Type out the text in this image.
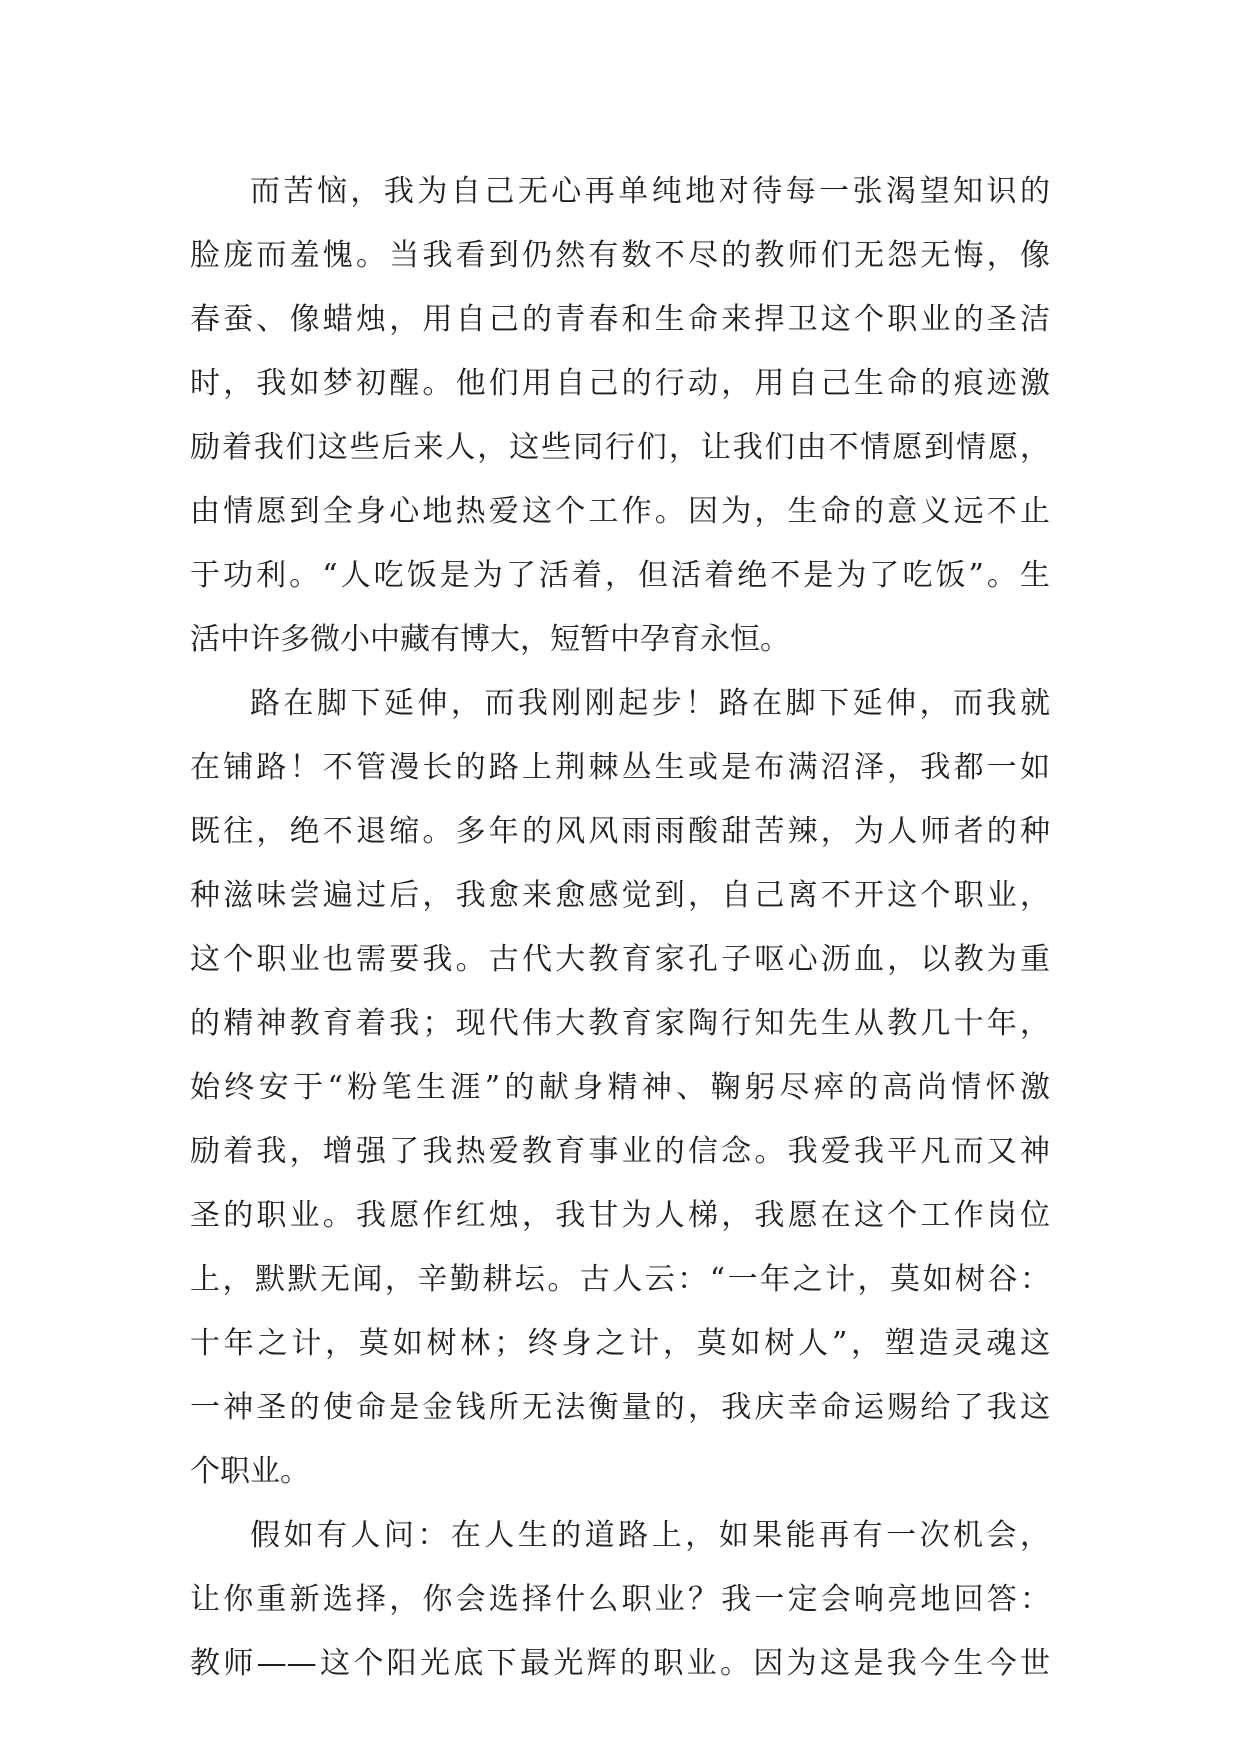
而苦恼，我为自己无心再单纯地对待每一张渴望知识的
脸庞而羞愧。当我看到仍然有数不尽的教师们无怨无悔，像
春蚕、像蜡烛，用自己的青春和生命来捍卫这个职业的圣洁
时，我如梦初醒。他们用自己的行动，用自己生命的痕迹激
励着我们这些后来人，这些同行们，让我们由不情愿到情愿，
由情愿到全身心地热爱这个工作。因为，生命的意义远不止
于功利。“人吃饭是为了活着，但活着绝不是为了吃饭”。生
活中许多微小中藏有博大，短暂中孕育永恒。
路在脚下延伸，而我刚刚起步！路在脚下延伸，而我就
在铺路！不管漫长的路上荆棘丛生或是布满沼泽，我都一如
既往，绝不退缩。多年的风风雨雨酸甜苦辣，为人师者的种
种滋味尝遍过后，我愈来愈感觉到，自己离不开这个职业，
这个职业也需要我。古代大教育家孔子呕心沥血，以教为重
的精神教育着我；现代伟大教育家陶行知先生从教几十年，
始终安于“粉笔生涯”的献身精神、鞠躬尽瘁的高尚情怀激
励着我，增强了我热爱教育事业的信念。我爱我平凡而又神
圣的职业。我愿作红烛，我甘为人梯，我愿在这个工作岗位
上，默默无闻，辛勤耕坛。古人云：“一年之计，莫如树谷：
十年之计，莫如树林；终身之计，莫如树人”，塑造灵魂这
一神圣的使命是金钱所无法衡量的，我庆幸命运赐给了我这
个职业。
假如有人问：在人生的道路上，如果能再有一次机会，
让你重新选择，你会选择什么职业？我一定会响亮地回答：
教师——这个阳光底下最光辉的职业。因为这是我今生今世
